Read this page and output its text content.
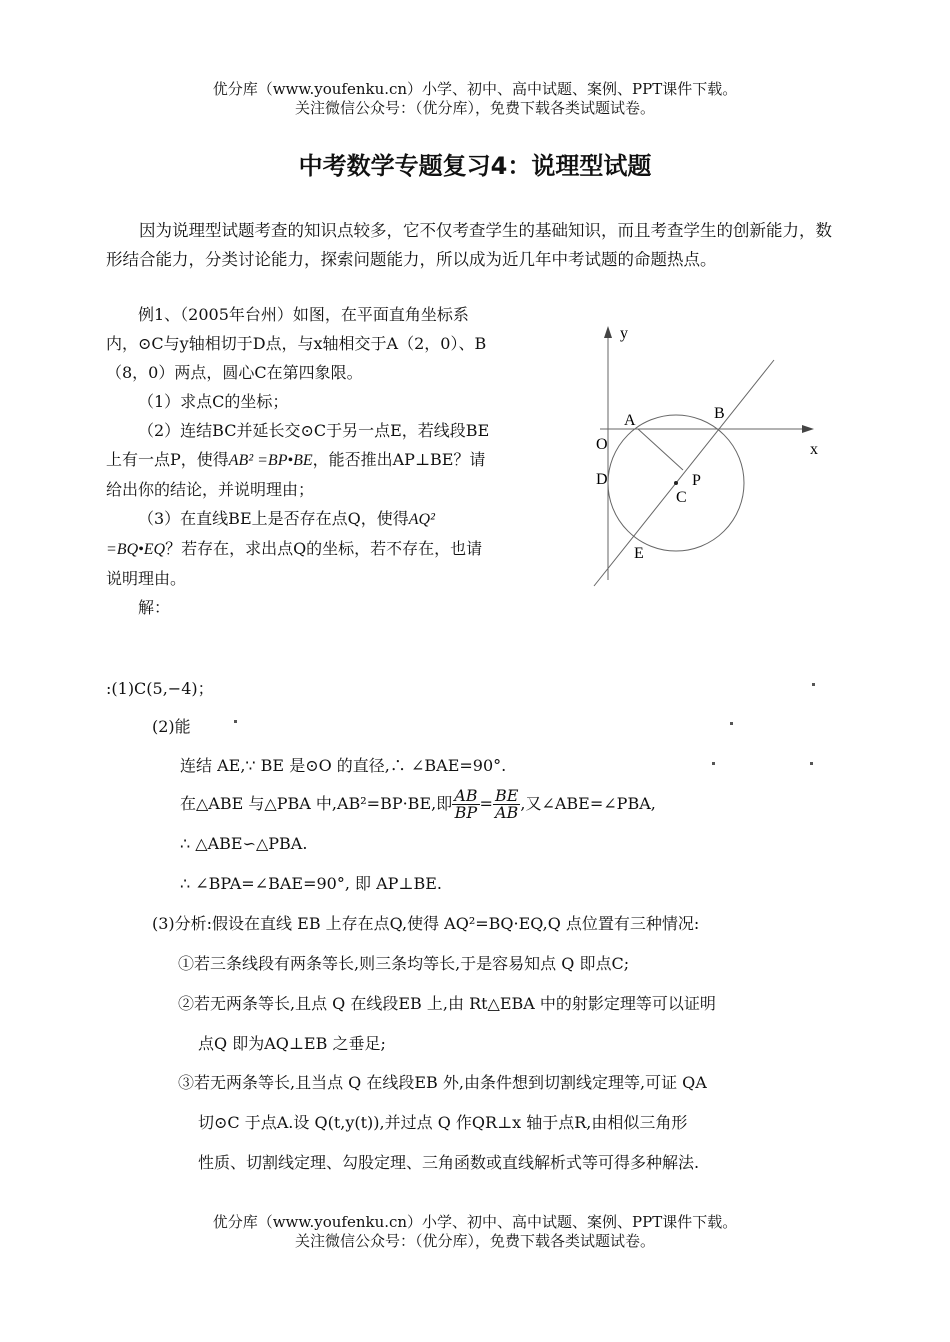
优分库（www.youfenku.cn）小学、初中、高中试题、案例、PPT课件下载。
关注微信公众号：（优分库），免费下载各类试题试卷。
中考数学专题复习4：说理型试题
因为说理型试题考查的知识点较多，它不仅考查学生的基础知识，而且考查学生的创新能力，数形结合能力，分类讨论能力，探索问题能力，所以成为近几年中考试题的命题热点。
例1、（2005年台州）如图，在平面直角坐标系内，⊙C与y轴相切于D点，与x轴相交于A（2，0）、B（8，0）两点，圆心C在第四象限。
（1）求点C的坐标；
（2）连结BC并延长交⊙C于另一点E，若线段BE上有一点P，使得AB² =BP•BE，能否推出AP⊥BE？请给出你的结论，并说明理由；
（3）在直线BE上是否存在点Q，使得AQ² =BQ•EQ？若存在，求出点Q的坐标，若不存在，也请说明理由。
解：
y
x
O
A	B
D
C
P
E
:(1)C(5,−4)；
(2)能
连结 AE,∵ BE 是⊙O 的直径,∴ ∠BAE=90°.
在△ABE 与△PBA 中,AB²=BP·BE,即 $\frac{AB}{BP} = \frac{BE}{AB}$ ,又∠ABE=∠PBA,
∴ △ABE∽△PBA.
∴ ∠BPA=∠BAE=90°, 即 AP⊥BE.
(3)分析:假设在直线 EB 上存在点Q,使得 AQ²=BQ·EQ,Q 点位置有三种情况:
①若三条线段有两条等长,则三条均等长,于是容易知点 Q 即点C;
②若无两条等长,且点 Q 在线段EB 上,由 Rt△EBA 中的射影定理等可以证明
点Q 即为AQ⊥EB 之垂足;
③若无两条等长,且当点 Q 在线段EB 外,由条件想到切割线定理等,可证 QA
切⊙C 于点A.设 Q(t,y(t)),并过点 Q 作QR⊥x 轴于点R,由相似三角形
性质、切割线定理、勾股定理、三角函数或直线解析式等可得多种解法.
优分库（www.youfenku.cn）小学、初中、高中试题、案例、PPT课件下载。
关注微信公众号：（优分库），免费下载各类试题试卷。
